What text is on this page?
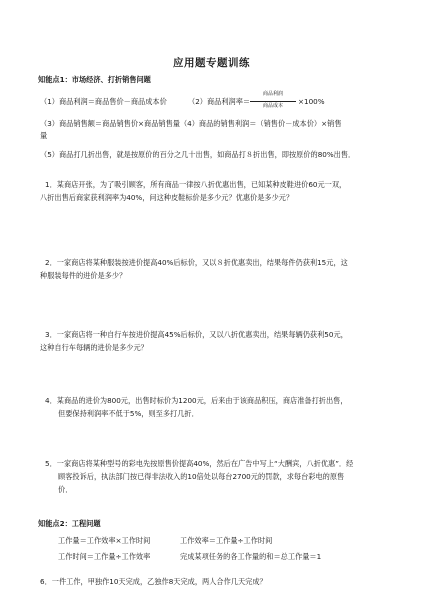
应用题专题训练
知能点1：市场经济、打折销售问题
（1）商品利润＝商品售价－商品成本价	（2）商品利润率＝
商品利润
商品成本	×100%
（3）商品销售额＝商品销售价×商品销售量（4）商品的销售利润＝（销售价－成本价）×销售
量
（5）商品打几折出售，就是按原价的百分之几十出售，如商品打８折出售，即按原价的80%出售．
1．某商店开张，为了吸引顾客，所有商品一律按八折优惠出售，已知某种皮鞋进价60元一双，
八折出售后商家获利润率为40%，问这种皮鞋标价是多少元？优惠价是多少元？
2．一家商店将某种服装按进价提高40%后标价，又以８折优惠卖出，结果每件仍获利15元，这
种服装每件的进价是多少？
3．一家商店将一种自行车按进价提高45%后标价，又以八折优惠卖出，结果每辆仍获利50元，
这种自行车每辆的进价是多少元？
4．某商品的进价为800元，出售时标价为1200元，后来由于该商品积压，商店准备打折出售，
但要保持利润率不低于5%，则至多打几折．
5．一家商店将某种型号的彩电先按原售价提高40%，然后在广告中写上“大酬宾，八折优惠”．经
顾客投诉后，执法部门按已得非法收入的10倍处以每台2700元的罚款，求每台彩电的原售
价．
知能点2：工程问题
工作量＝工作效率×工作时间	工作效率＝工作量÷工作时间
工作时间＝工作量÷工作效率	完成某项任务的各工作量的和＝总工作量＝1
6．一件工作，甲独作10天完成，乙独作8天完成，两人合作几天完成？
